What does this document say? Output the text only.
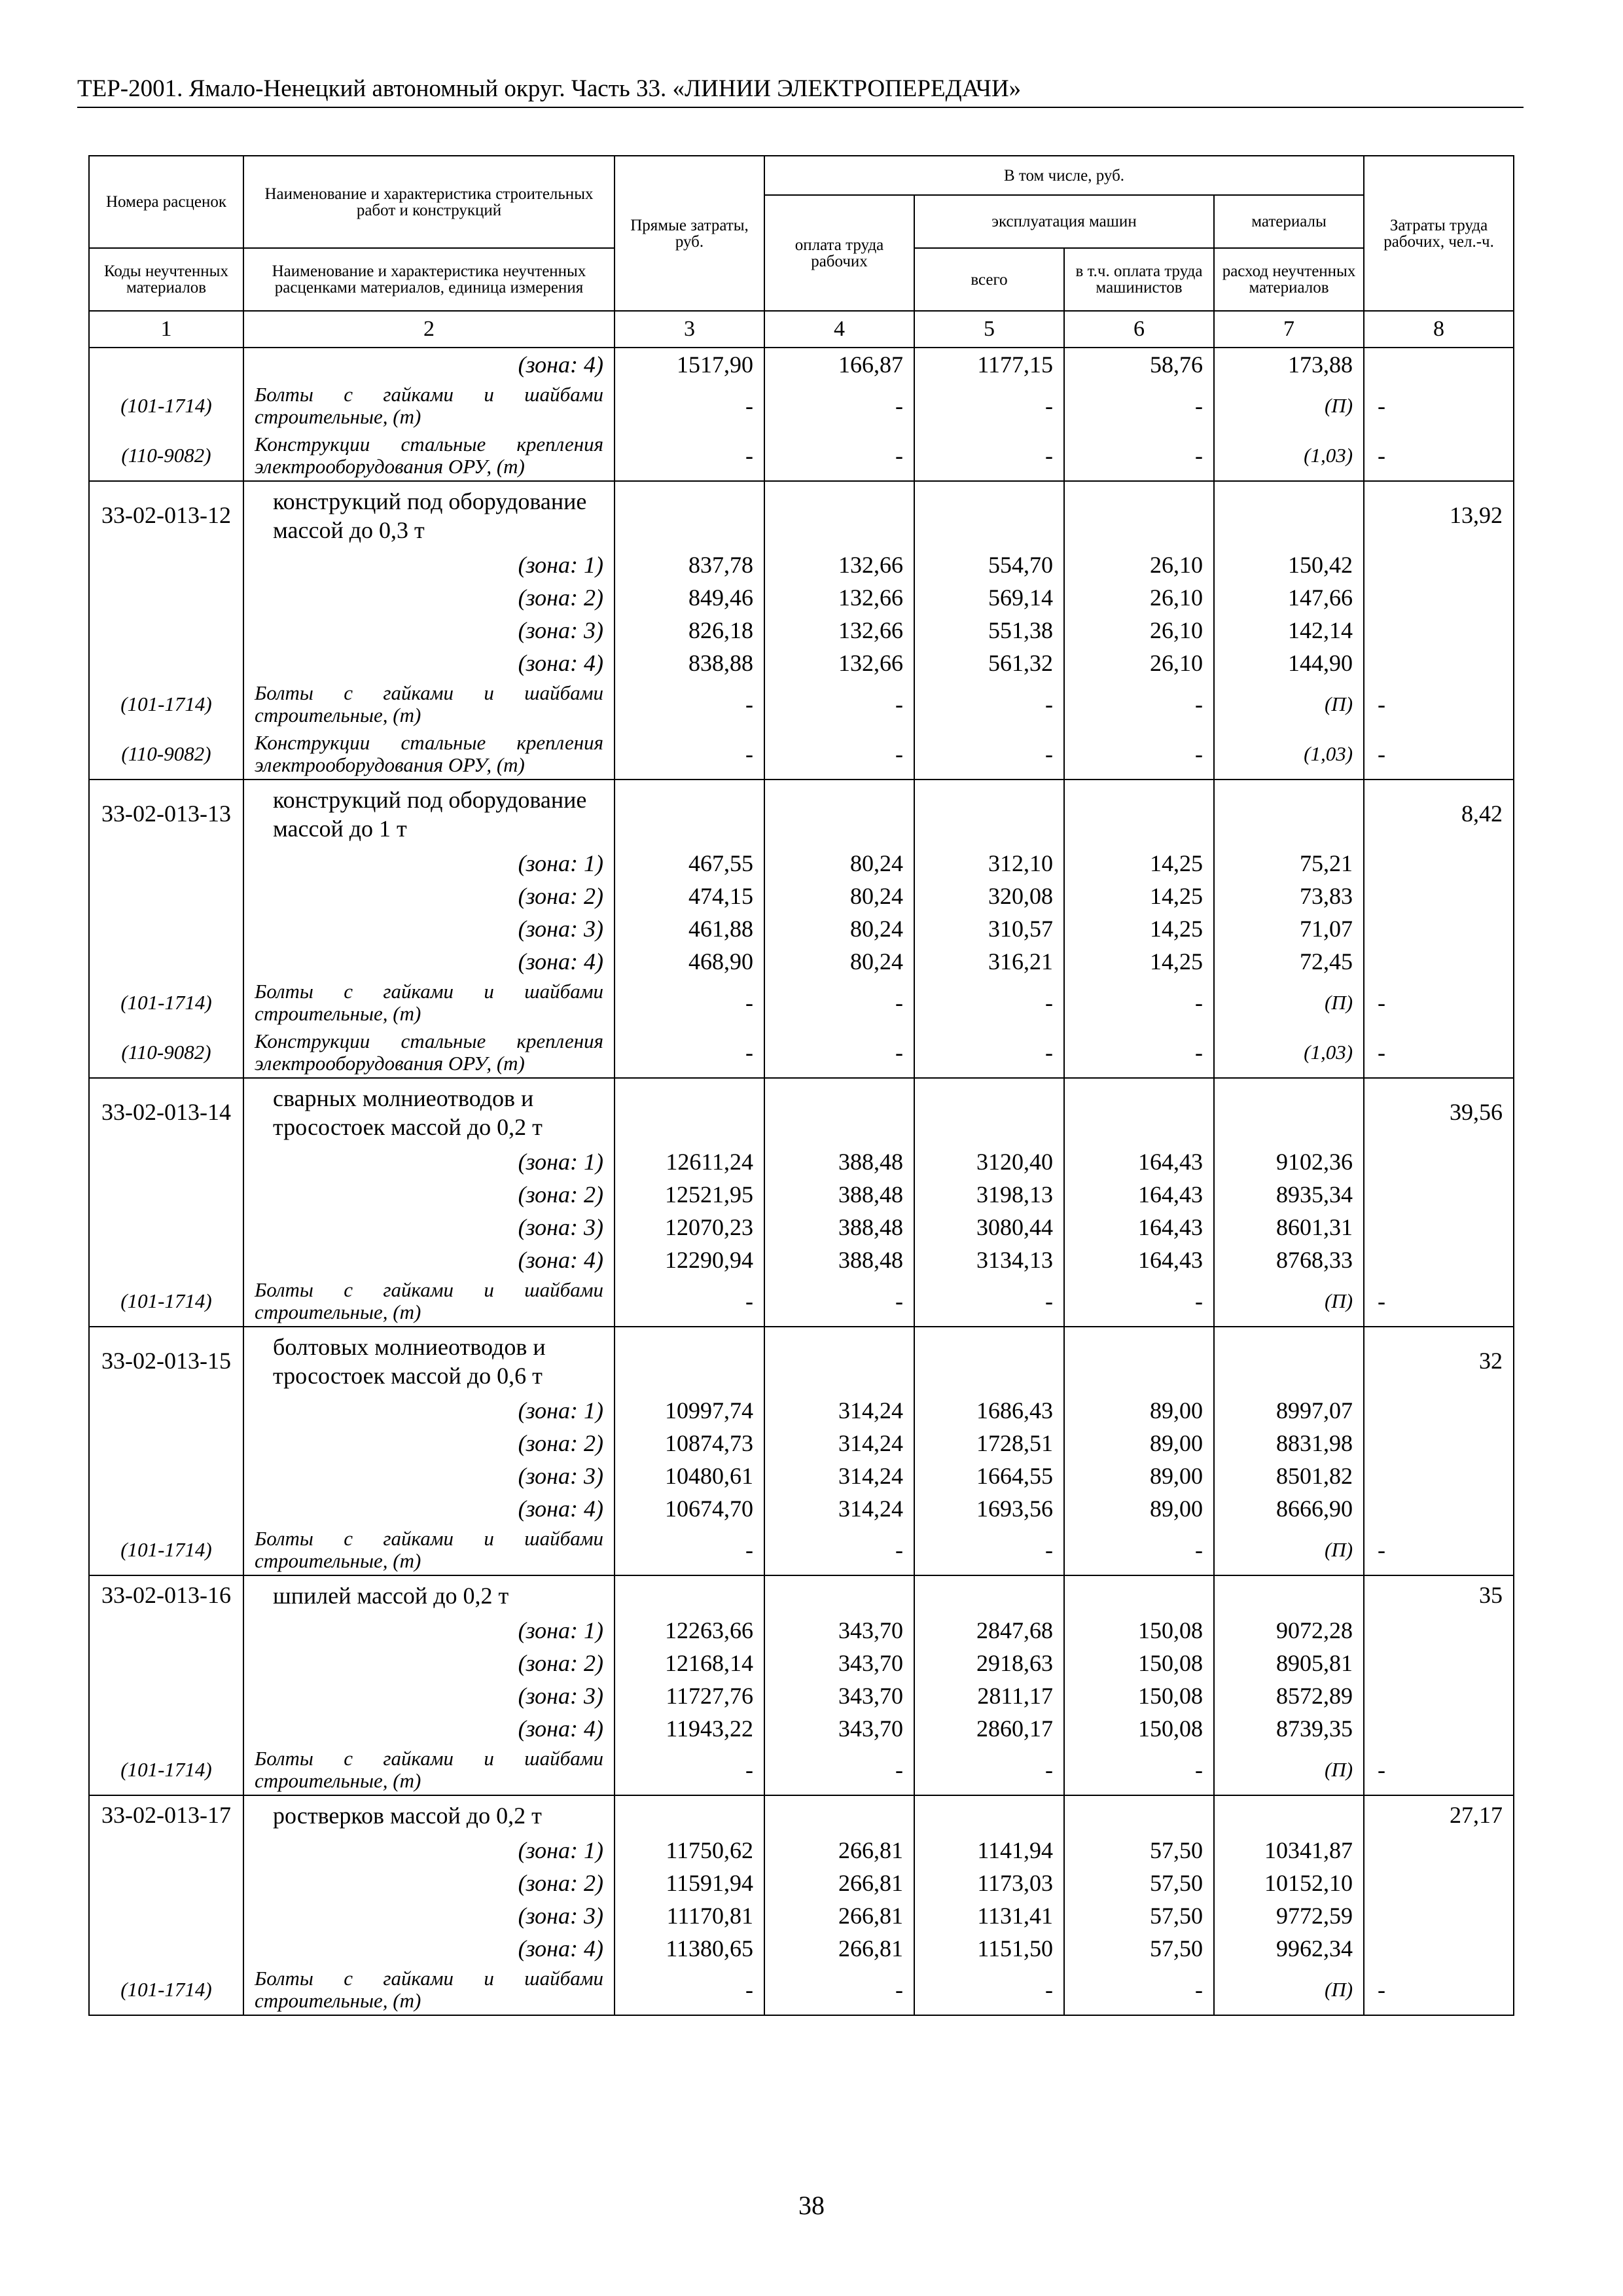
ТЕР-2001. Ямало-Ненецкий автономный округ. Часть 33. «ЛИНИИ ЭЛЕКТРОПЕРЕДАЧИ»
Номера расценок	Наименование и характеристика строительных работ и конструкций	Прямые затраты, руб.	В том числе, руб.				Затраты труда рабочих, чел.-ч.
			оплата труда рабочих	эксплуатация машин		материалы	
Коды неучтенных материалов	Наименование и характеристика неучтенных расценками материалов, единица измерения			всего	в т.ч. оплата труда машинистов	расход неучтенных материалов	
1	2	3	4	5	6	7	8
	(зона: 4)	1517,90	166,87	1177,15	58,76	173,88	
(101-1714)	Болты с гайками и шайбами строительные, (т)	-	-	-	-	(П)	-
(110-9082)	Конструкции стальные крепления электрооборудования ОРУ, (т)	-	-	-	-	(1,03)	-
33-02-013-12	конструкций под оборудование массой до 0,3 т						13,92
	(зона: 1)	837,78	132,66	554,70	26,10	150,42	
	(зона: 2)	849,46	132,66	569,14	26,10	147,66	
	(зона: 3)	826,18	132,66	551,38	26,10	142,14	
	(зона: 4)	838,88	132,66	561,32	26,10	144,90	
(101-1714)	Болты с гайками и шайбами строительные, (т)	-	-	-	-	(П)	-
(110-9082)	Конструкции стальные крепления электрооборудования ОРУ, (т)	-	-	-	-	(1,03)	-
33-02-013-13	конструкций под оборудование массой до 1 т						8,42
	(зона: 1)	467,55	80,24	312,10	14,25	75,21	
	(зона: 2)	474,15	80,24	320,08	14,25	73,83	
	(зона: 3)	461,88	80,24	310,57	14,25	71,07	
	(зона: 4)	468,90	80,24	316,21	14,25	72,45	
(101-1714)	Болты с гайками и шайбами строительные, (т)	-	-	-	-	(П)	-
(110-9082)	Конструкции стальные крепления электрооборудования ОРУ, (т)	-	-	-	-	(1,03)	-
33-02-013-14	сварных молниеотводов и тросостоек массой до 0,2 т						39,56
	(зона: 1)	12611,24	388,48	3120,40	164,43	9102,36	
	(зона: 2)	12521,95	388,48	3198,13	164,43	8935,34	
	(зона: 3)	12070,23	388,48	3080,44	164,43	8601,31	
	(зона: 4)	12290,94	388,48	3134,13	164,43	8768,33	
(101-1714)	Болты с гайками и шайбами строительные, (т)	-	-	-	-	(П)	-
33-02-013-15	болтовых молниеотводов и тросостоек массой до 0,6 т						32
	(зона: 1)	10997,74	314,24	1686,43	89,00	8997,07	
	(зона: 2)	10874,73	314,24	1728,51	89,00	8831,98	
	(зона: 3)	10480,61	314,24	1664,55	89,00	8501,82	
	(зона: 4)	10674,70	314,24	1693,56	89,00	8666,90	
(101-1714)	Болты с гайками и шайбами строительные, (т)	-	-	-	-	(П)	-
33-02-013-16	шпилей массой до 0,2 т						35
	(зона: 1)	12263,66	343,70	2847,68	150,08	9072,28	
	(зона: 2)	12168,14	343,70	2918,63	150,08	8905,81	
	(зона: 3)	11727,76	343,70	2811,17	150,08	8572,89	
	(зона: 4)	11943,22	343,70	2860,17	150,08	8739,35	
(101-1714)	Болты с гайками и шайбами строительные, (т)	-	-	-	-	(П)	-
33-02-013-17	ростверков массой до 0,2 т						27,17
	(зона: 1)	11750,62	266,81	1141,94	57,50	10341,87	
	(зона: 2)	11591,94	266,81	1173,03	57,50	10152,10	
	(зона: 3)	11170,81	266,81	1131,41	57,50	9772,59	
	(зона: 4)	11380,65	266,81	1151,50	57,50	9962,34	
(101-1714)	Болты с гайками и шайбами строительные, (т)	-	-	-	-	(П)	-
38
